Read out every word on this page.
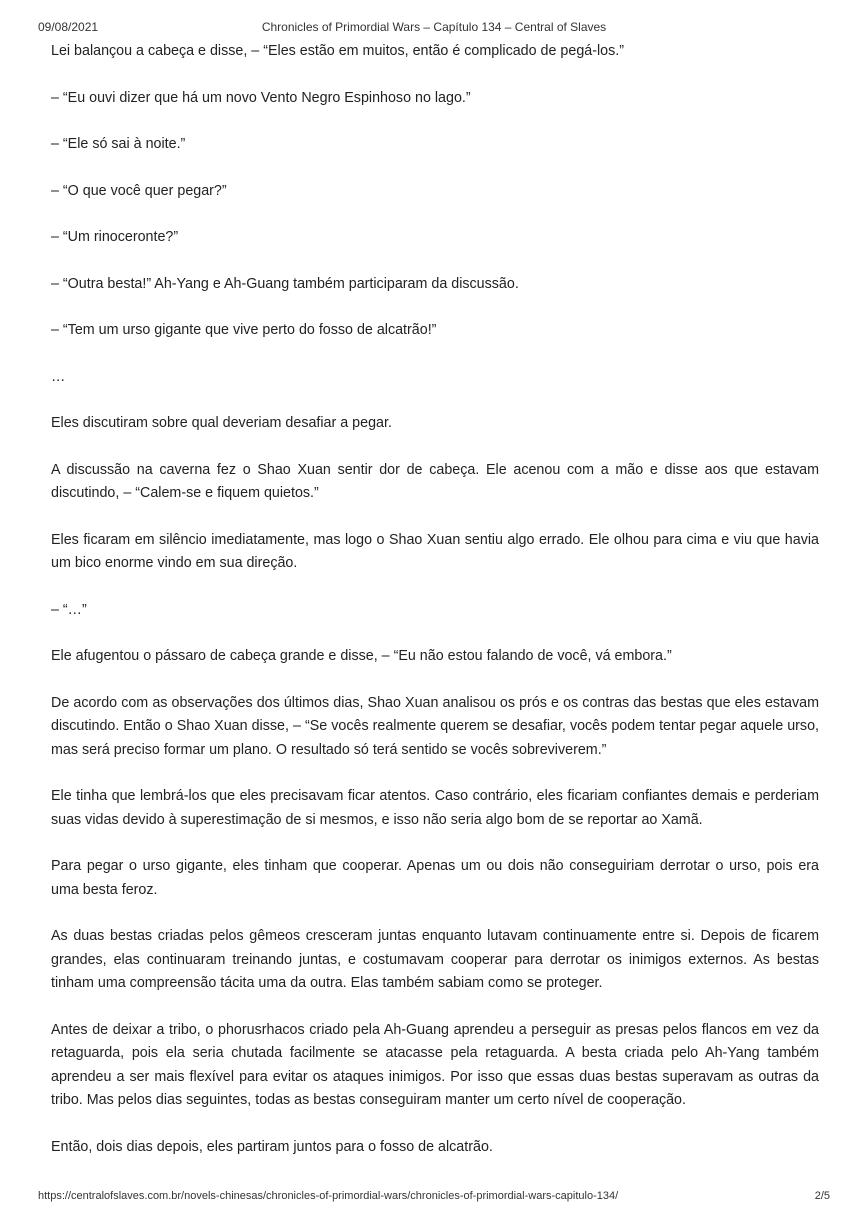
09/08/2021	Chronicles of Primordial Wars – Capítulo 134 – Central of Slaves

Lei balançou a cabeça e disse, – “Eles estão em muitos, então é complicado de pegá-los.”

– “Eu ouvi dizer que há um novo Vento Negro Espinhoso no lago.”

– “Ele só sai à noite.”

– “O que você quer pegar?”

– “Um rinoceronte?”

– “Outra besta!” Ah-Yang e Ah-Guang também participaram da discussão.

– “Tem um urso gigante que vive perto do fosso de alcatrão!”

…

Eles discutiram sobre qual deveriam desafiar a pegar.

A discussão na caverna fez o Shao Xuan sentir dor de cabeça. Ele acenou com a mão e disse aos que estavam discutindo, – “Calem-se e fiquem quietos.”

Eles ficaram em silêncio imediatamente, mas logo o Shao Xuan sentiu algo errado. Ele olhou para cima e viu que havia um bico enorme vindo em sua direção.

– “…”

Ele afugentou o pássaro de cabeça grande e disse, – “Eu não estou falando de você, vá embora.”

De acordo com as observações dos últimos dias, Shao Xuan analisou os prós e os contras das bestas que eles estavam discutindo. Então o Shao Xuan disse, – “Se vocês realmente querem se desafiar, vocês podem tentar pegar aquele urso, mas será preciso formar um plano. O resultado só terá sentido se vocês sobreviverem.”

Ele tinha que lembrá-los que eles precisavam ficar atentos. Caso contrário, eles ficariam confiantes demais e perderiam suas vidas devido à superestimação de si mesmos, e isso não seria algo bom de se reportar ao Xamã.

Para pegar o urso gigante, eles tinham que cooperar. Apenas um ou dois não conseguiriam derrotar o urso, pois era uma besta feroz.

As duas bestas criadas pelos gêmeos cresceram juntas enquanto lutavam continuamente entre si. Depois de ficarem grandes, elas continuaram treinando juntas, e costumavam cooperar para derrotar os inimigos externos. As bestas tinham uma compreensão tácita uma da outra. Elas também sabiam como se proteger.

Antes de deixar a tribo, o phorusrhacos criado pela Ah-Guang aprendeu a perseguir as presas pelos flancos em vez da retaguarda, pois ela seria chutada facilmente se atacasse pela retaguarda. A besta criada pelo Ah-Yang também aprendeu a ser mais flexível para evitar os ataques inimigos. Por isso que essas duas bestas superavam as outras da tribo. Mas pelos dias seguintes, todas as bestas conseguiram manter um certo nível de cooperação.

Então, dois dias depois, eles partiram juntos para o fosso de alcatrão.

https://centralofslaves.com.br/novels-chinesas/chronicles-of-primordial-wars/chronicles-of-primordial-wars-capitulo-134/	2/5
